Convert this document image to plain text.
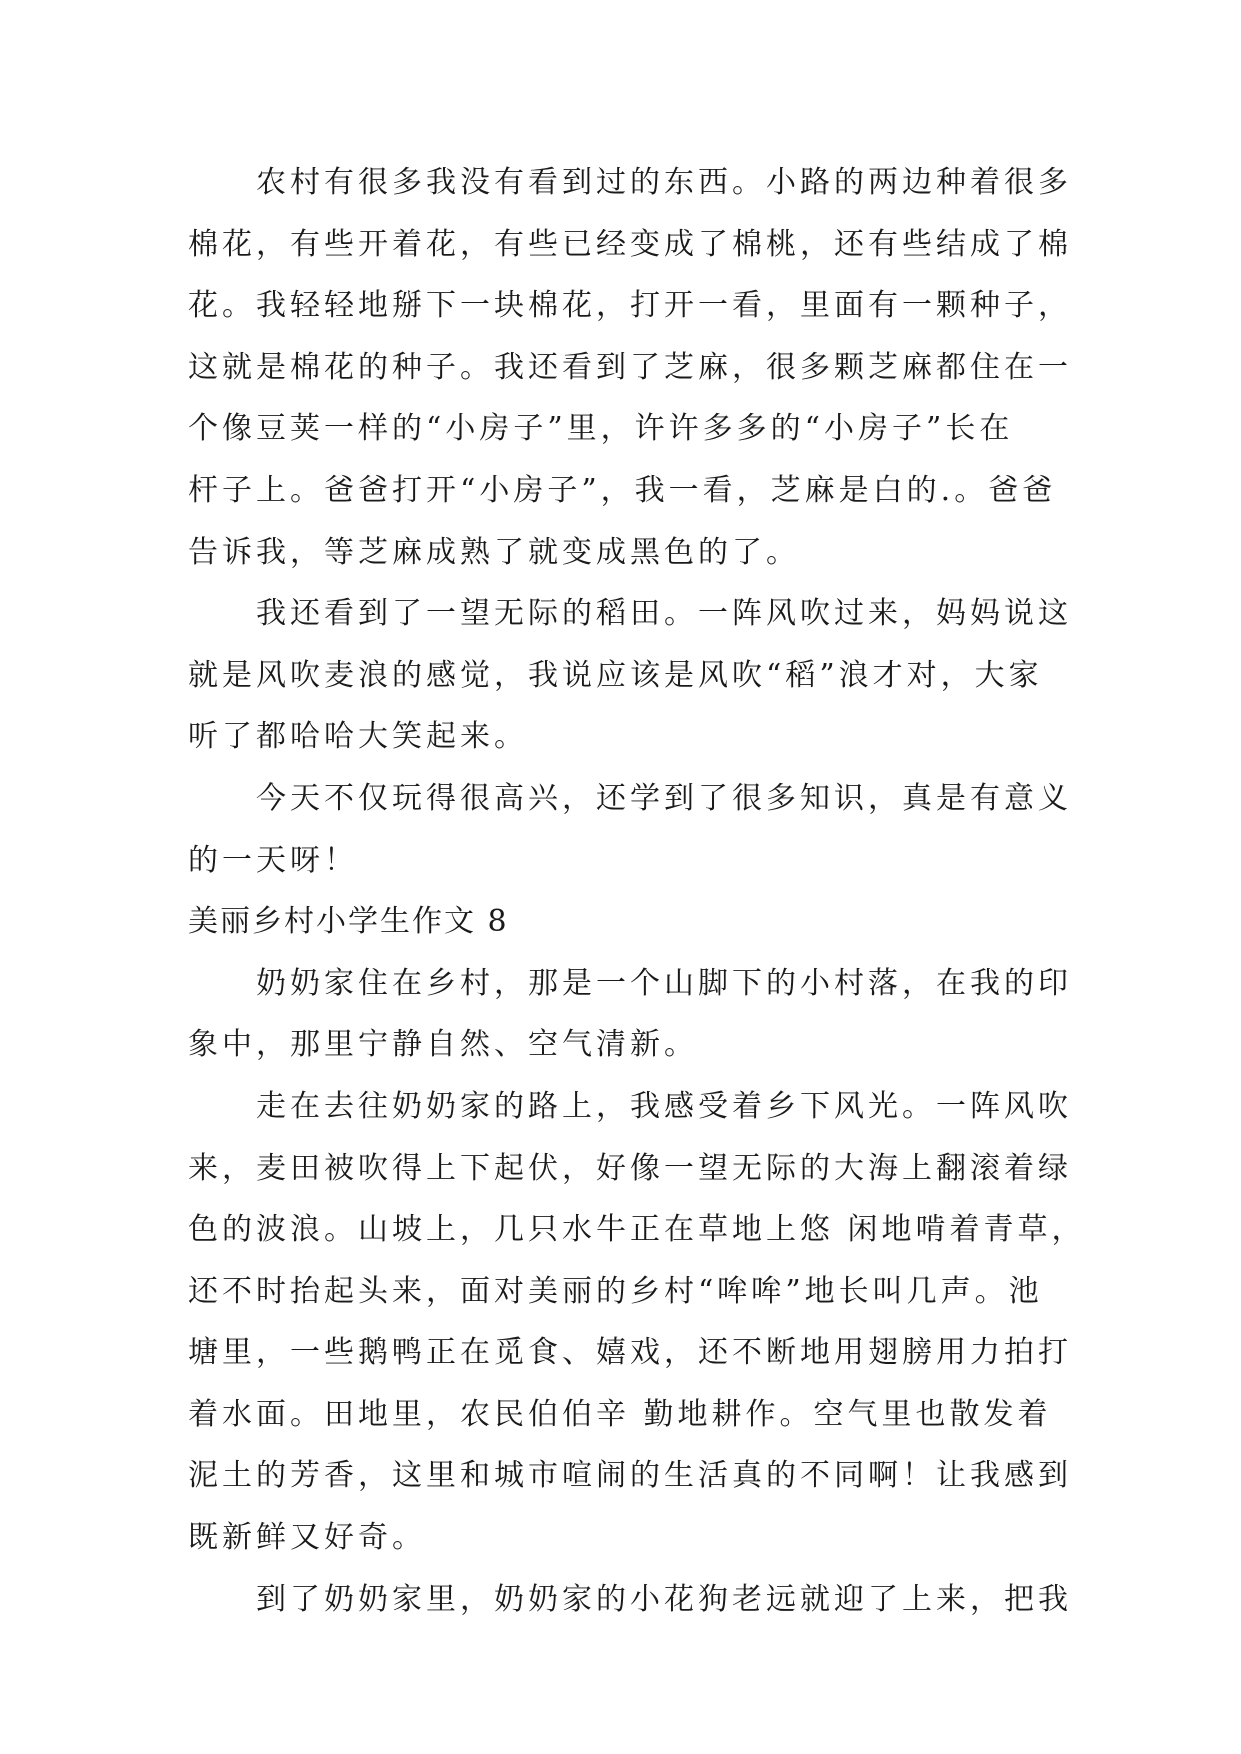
农村有很多我没有看到过的东西。小路的两边种着很多
棉花，有些开着花，有些已经变成了棉桃，还有些结成了棉
花。我轻轻地掰下一块棉花，打开一看，里面有一颗种子，
这就是棉花的种子。我还看到了芝麻，很多颗芝麻都住在一
个像豆荚一样的“小房子”里，许许多多的“小房子”长在
杆子上。爸爸打开“小房子”，我一看，芝麻是白的.。爸爸
告诉我，等芝麻成熟了就变成黑色的了。
我还看到了一望无际的稻田。一阵风吹过来，妈妈说这
就是风吹麦浪的感觉，我说应该是风吹“稻”浪才对，大家
听了都哈哈大笑起来。
今天不仅玩得很高兴，还学到了很多知识，真是有意义
的一天呀！
美丽乡村小学生作文 8
奶奶家住在乡村，那是一个山脚下的小村落，在我的印
象中，那里宁静自然、空气清新。
走在去往奶奶家的路上，我感受着乡下风光。一阵风吹
来，麦田被吹得上下起伏，好像一望无际的大海上翻滚着绿
色的波浪。山坡上，几只水牛正在草地上悠 闲地啃着青草，
还不时抬起头来，面对美丽的乡村“哞哞”地长叫几声。池
塘里，一些鹅鸭正在觅食、嬉戏，还不断地用翅膀用力拍打
着水面。田地里，农民伯伯辛 勤地耕作。空气里也散发着
泥土的芳香，这里和城市喧闹的生活真的不同啊！让我感到
既新鲜又好奇。
到了奶奶家里，奶奶家的小花狗老远就迎了上来，把我
